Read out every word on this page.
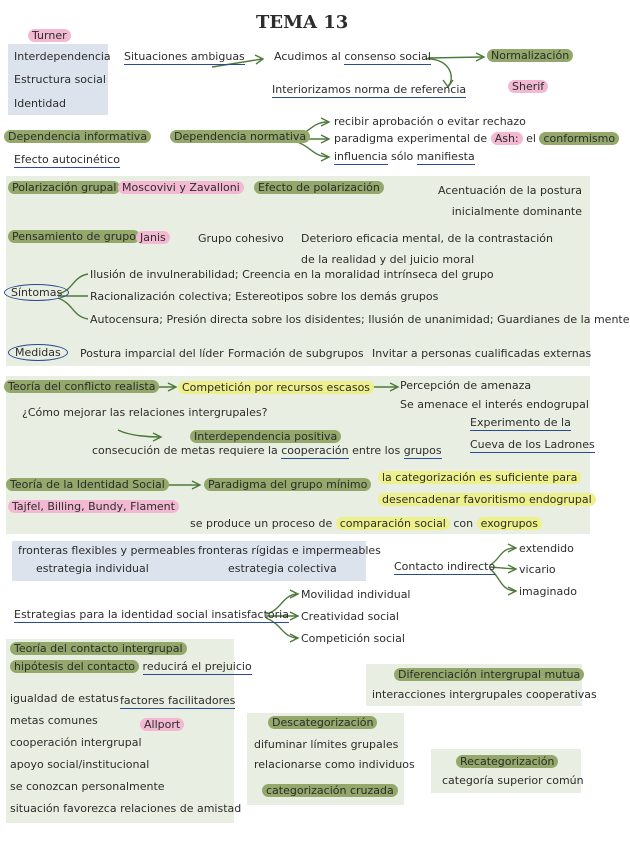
TEMA 13
Turner
Interdependencia
Estructura social
Identidad
Situaciones ambiguas	Acudimos al consenso social
Interiorizamos norma de referencia
Normalización
Sherif
Dependencia informativa
Efecto autocinético
Dependencia normativa
recibir aprobación o evitar rechazo
paradigma experimental de Ash: el conformismo
influencia sólo manifiesta
Polarización grupal Moscovivi y Zavalloni	Efecto de polarización	Acentuación de la postura inicialmente dominante
Pensamiento de grupo Janis	Grupo cohesivo Deterioro eficacia mental, de la contrastación de la realidad y del juicio moral
Síntomas
Ilusión de invulnerabilidad; Creencia en la moralidad intrínseca del grupo
Racionalización colectiva; Estereotipos sobre los demás grupos
Autocensura; Presión directa sobre los disidentes; Ilusión de unanimidad; Guardianes de la mente
Medidas	Postura imparcial del líder Formación de subgrupos Invitar a personas cualificadas externas
Teoría del conflicto realista	Competición por recursos escasos	Percepción de amenaza
Se amenace el interés endogrupal
¿Cómo mejorar las relaciones intergrupales?
Interdependencia positiva
consecución de metas requiere la cooperación entre los grupos
Experimento de la
Cueva de los Ladrones
Teoría de la Identidad Social	Paradigma del grupo mínimo
la categorización es suficiente para
desencadenar favoritismo endogrupal
Tajfel, Billing, Bundy, Flament
se produce un proceso de comparación social con exogrupos
fronteras flexibles y permeables
estrategia individual
fronteras rígidas e impermeables
estrategia colectiva	Contacto indirecto
extendido
vicario
imaginado
Estrategias para la identidad social insatisfactoria
Movilidad individual
Creatividad social
Competición social
Teoría del contacto intergrupal
hipótesis del contacto reducirá el prejuicio
igualdad de estatus
metas comunes
cooperación intergrupal
apoyo social/institucional
se conozcan personalmente
situación favorezca relaciones de amistad
factores facilitadores
Allport	Descategorización
difuminar límites grupales
relacionarse como individuos
categorización cruzada
Diferenciación intergrupal mutua
interacciones intergrupales cooperativas
Recategorización
categoría superior común
